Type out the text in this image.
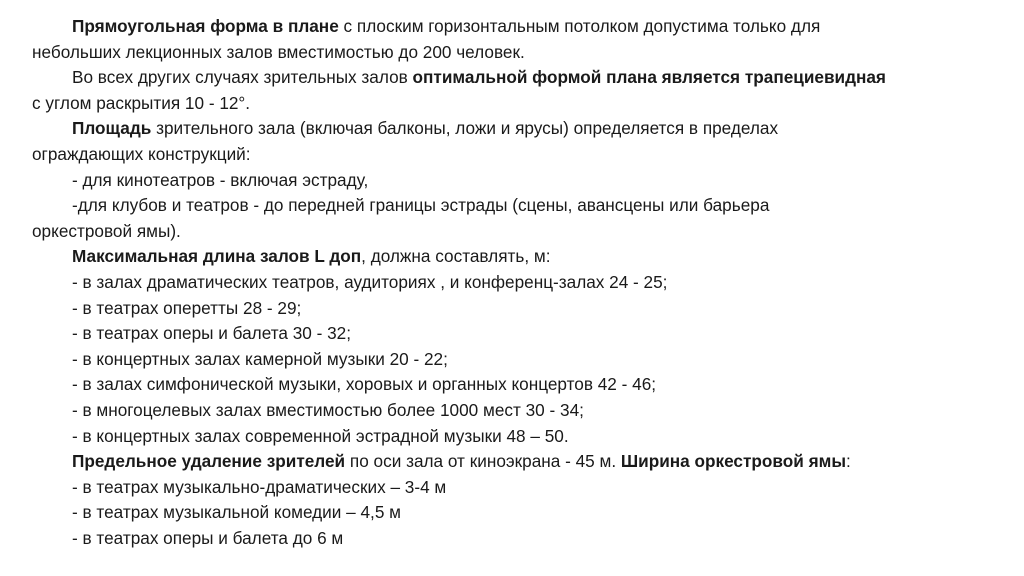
Прямоугольная форма в плане с плоским горизонтальным потолком допустима только для
небольших лекционных залов вместимостью до 200 человек.
Во всех других случаях зрительных залов оптимальной формой плана является трапециевидная
с углом раскрытия 10 - 12°.
Площадь зрительного зала (включая балконы, ложи и ярусы) определяется в пределах
ограждающих конструкций:
- для кинотеатров - включая эстраду,
-для клубов и театров - до передней границы эстрады (сцены, авансцены или барьера
оркестровой ямы).
Максимальная длина залов L доп, должна составлять, м:
- в залах драматических театров, аудиториях , и конференц-залах 24 - 25;
- в театрах оперетты 28 - 29;
- в театрах оперы и балета 30 - 32;
- в концертных залах камерной музыки 20 - 22;
- в залах симфонической музыки, хоровых и органных концертов 42 - 46;
- в многоцелевых залах вместимостью более 1000 мест 30 - 34;
- в концертных залах современной эстрадной музыки 48 – 50.
Предельное удаление зрителей по оси зала от киноэкрана - 45 м. Ширина оркестровой ямы:
- в театрах музыкально-драматических – 3-4 м
- в театрах музыкальной комедии – 4,5 м
- в театрах оперы и балета до 6 м
